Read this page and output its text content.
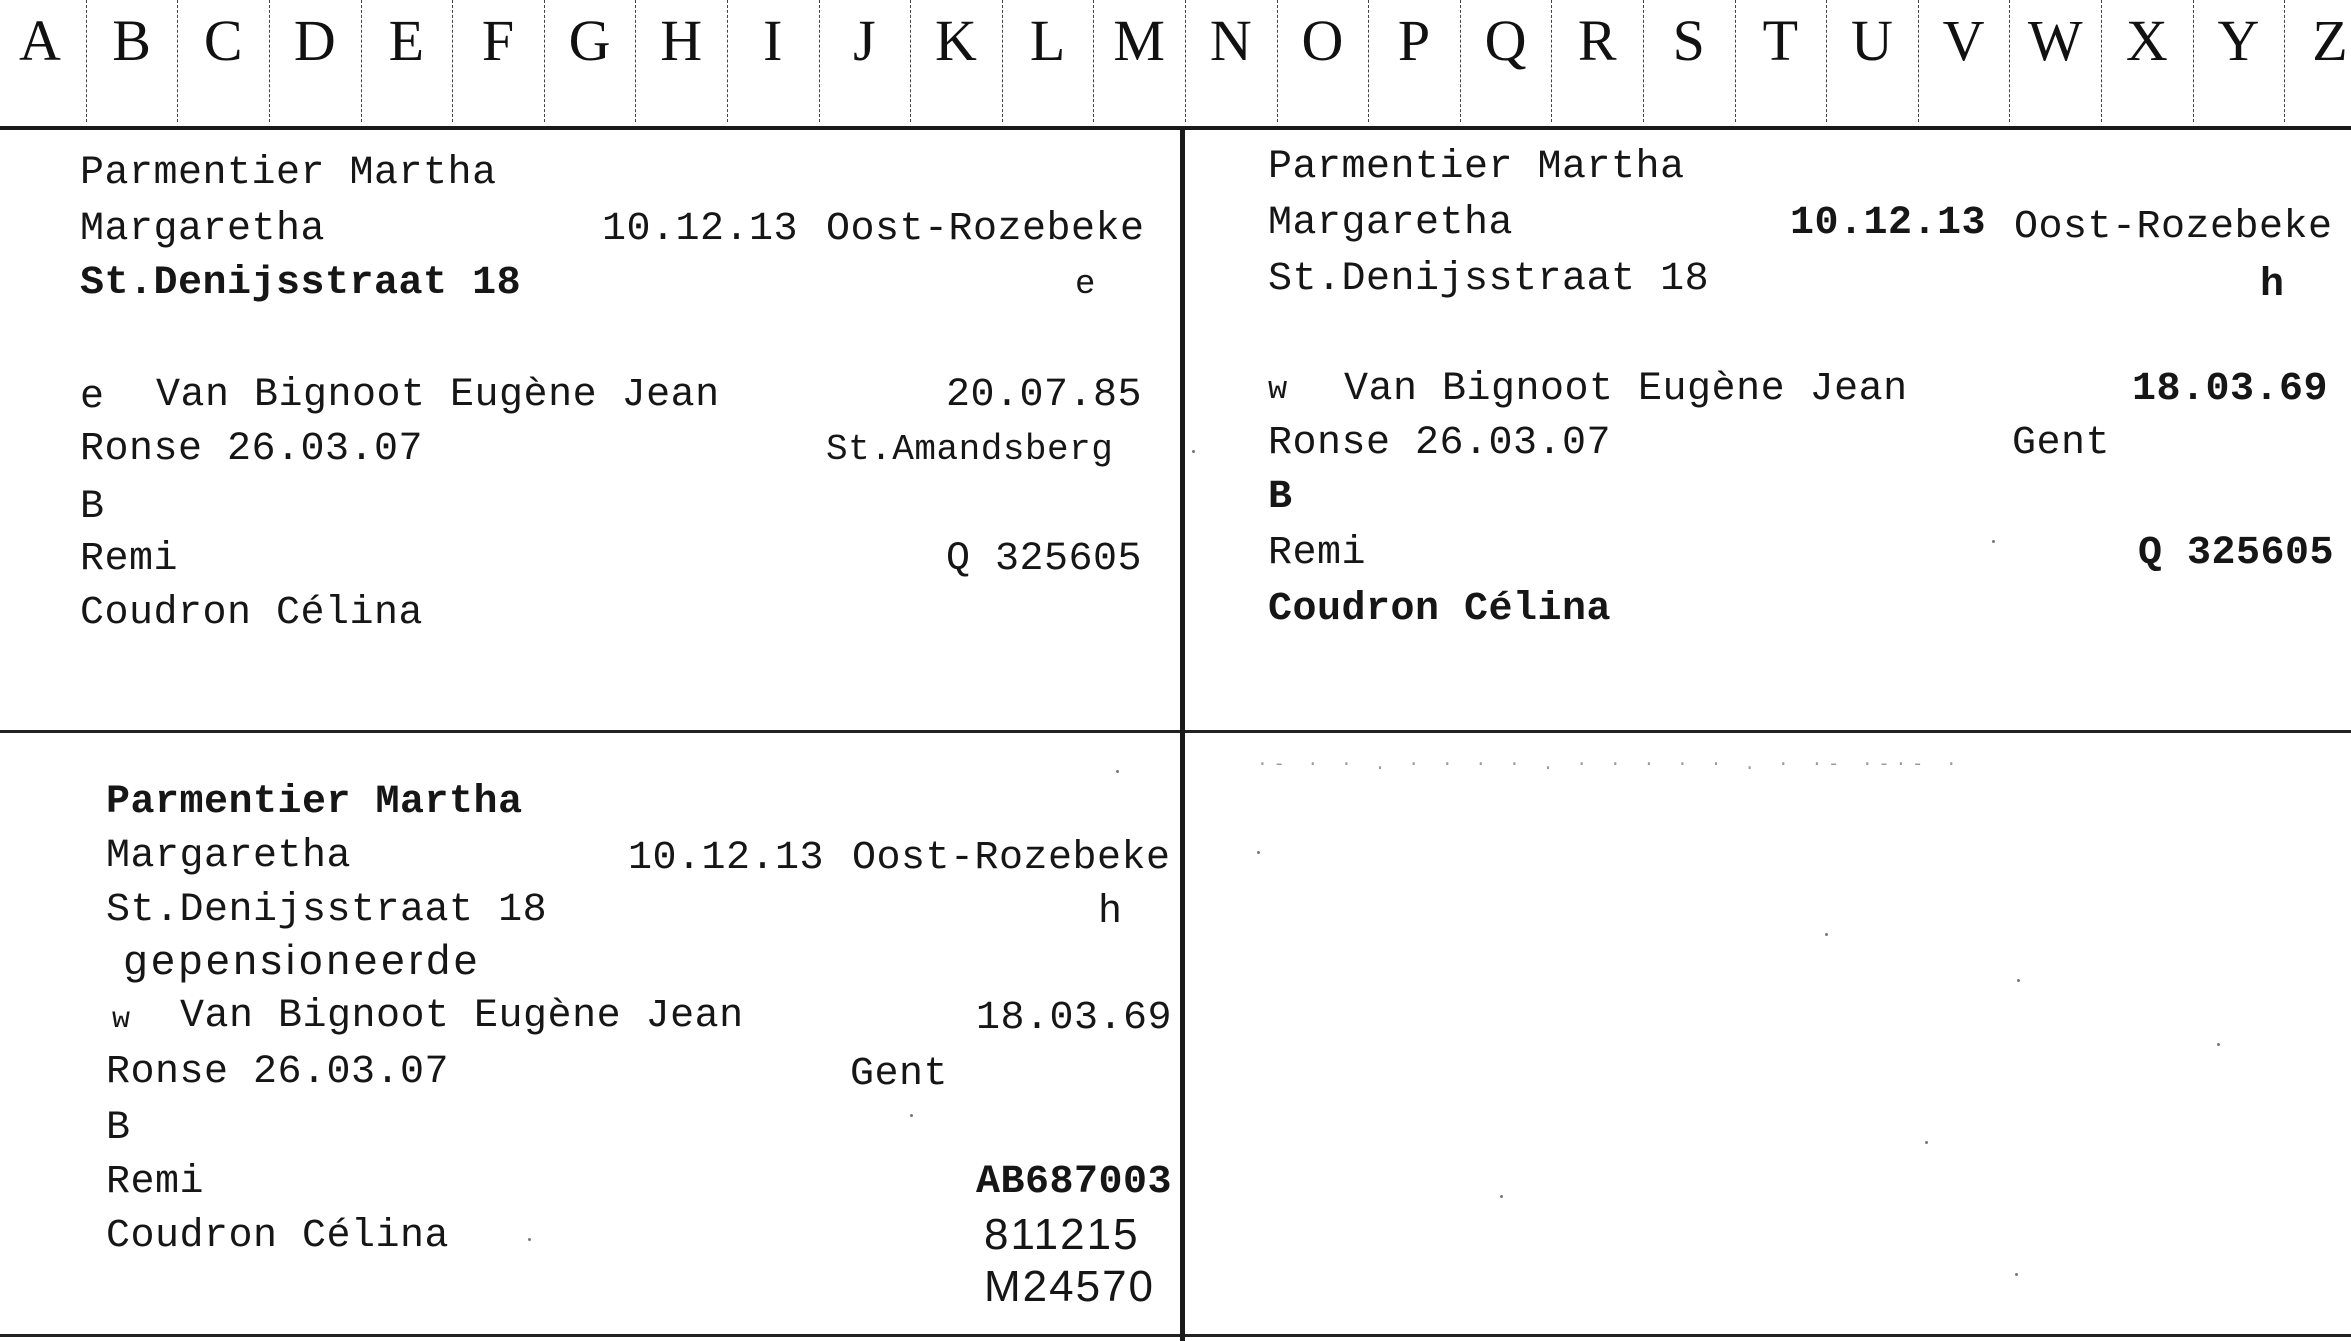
A B C D E F G H	I	J	K L M N O P Q R S T U V W X Y Z
Parmentier Martha
Margaretha	10.12.13 Oost-Rozebeke
St.Denijsstraat 18	e
e Van Bignoot Eugène Jean	20.07.85
Ronse 26.03.07	St.Amandsberg
B
Remi	Q 325605
Coudron Célina
Parmentier Martha
Margaretha	10.12.13 Oost-Rozebeke
St.Denijsstraat 18	h
w Van Bignoot Eugène Jean	18.03.69
Ronse 26.03.07	Gent
B
Remi	Q 325605
Coudron Célina
Parmentier Martha
Margaretha	10.12.13 Oost-Rozebeke
St.Denijsstraat 18	h
gepensioneerde
w Van Bignoot Eugène Jean	18.03.69
Ronse 26.03.07	Gent
B
Remi	AB687003
Coudron Célina	811215
M24570
·- · · . · · · · . · · · · · . · ·- ·-·- ·
